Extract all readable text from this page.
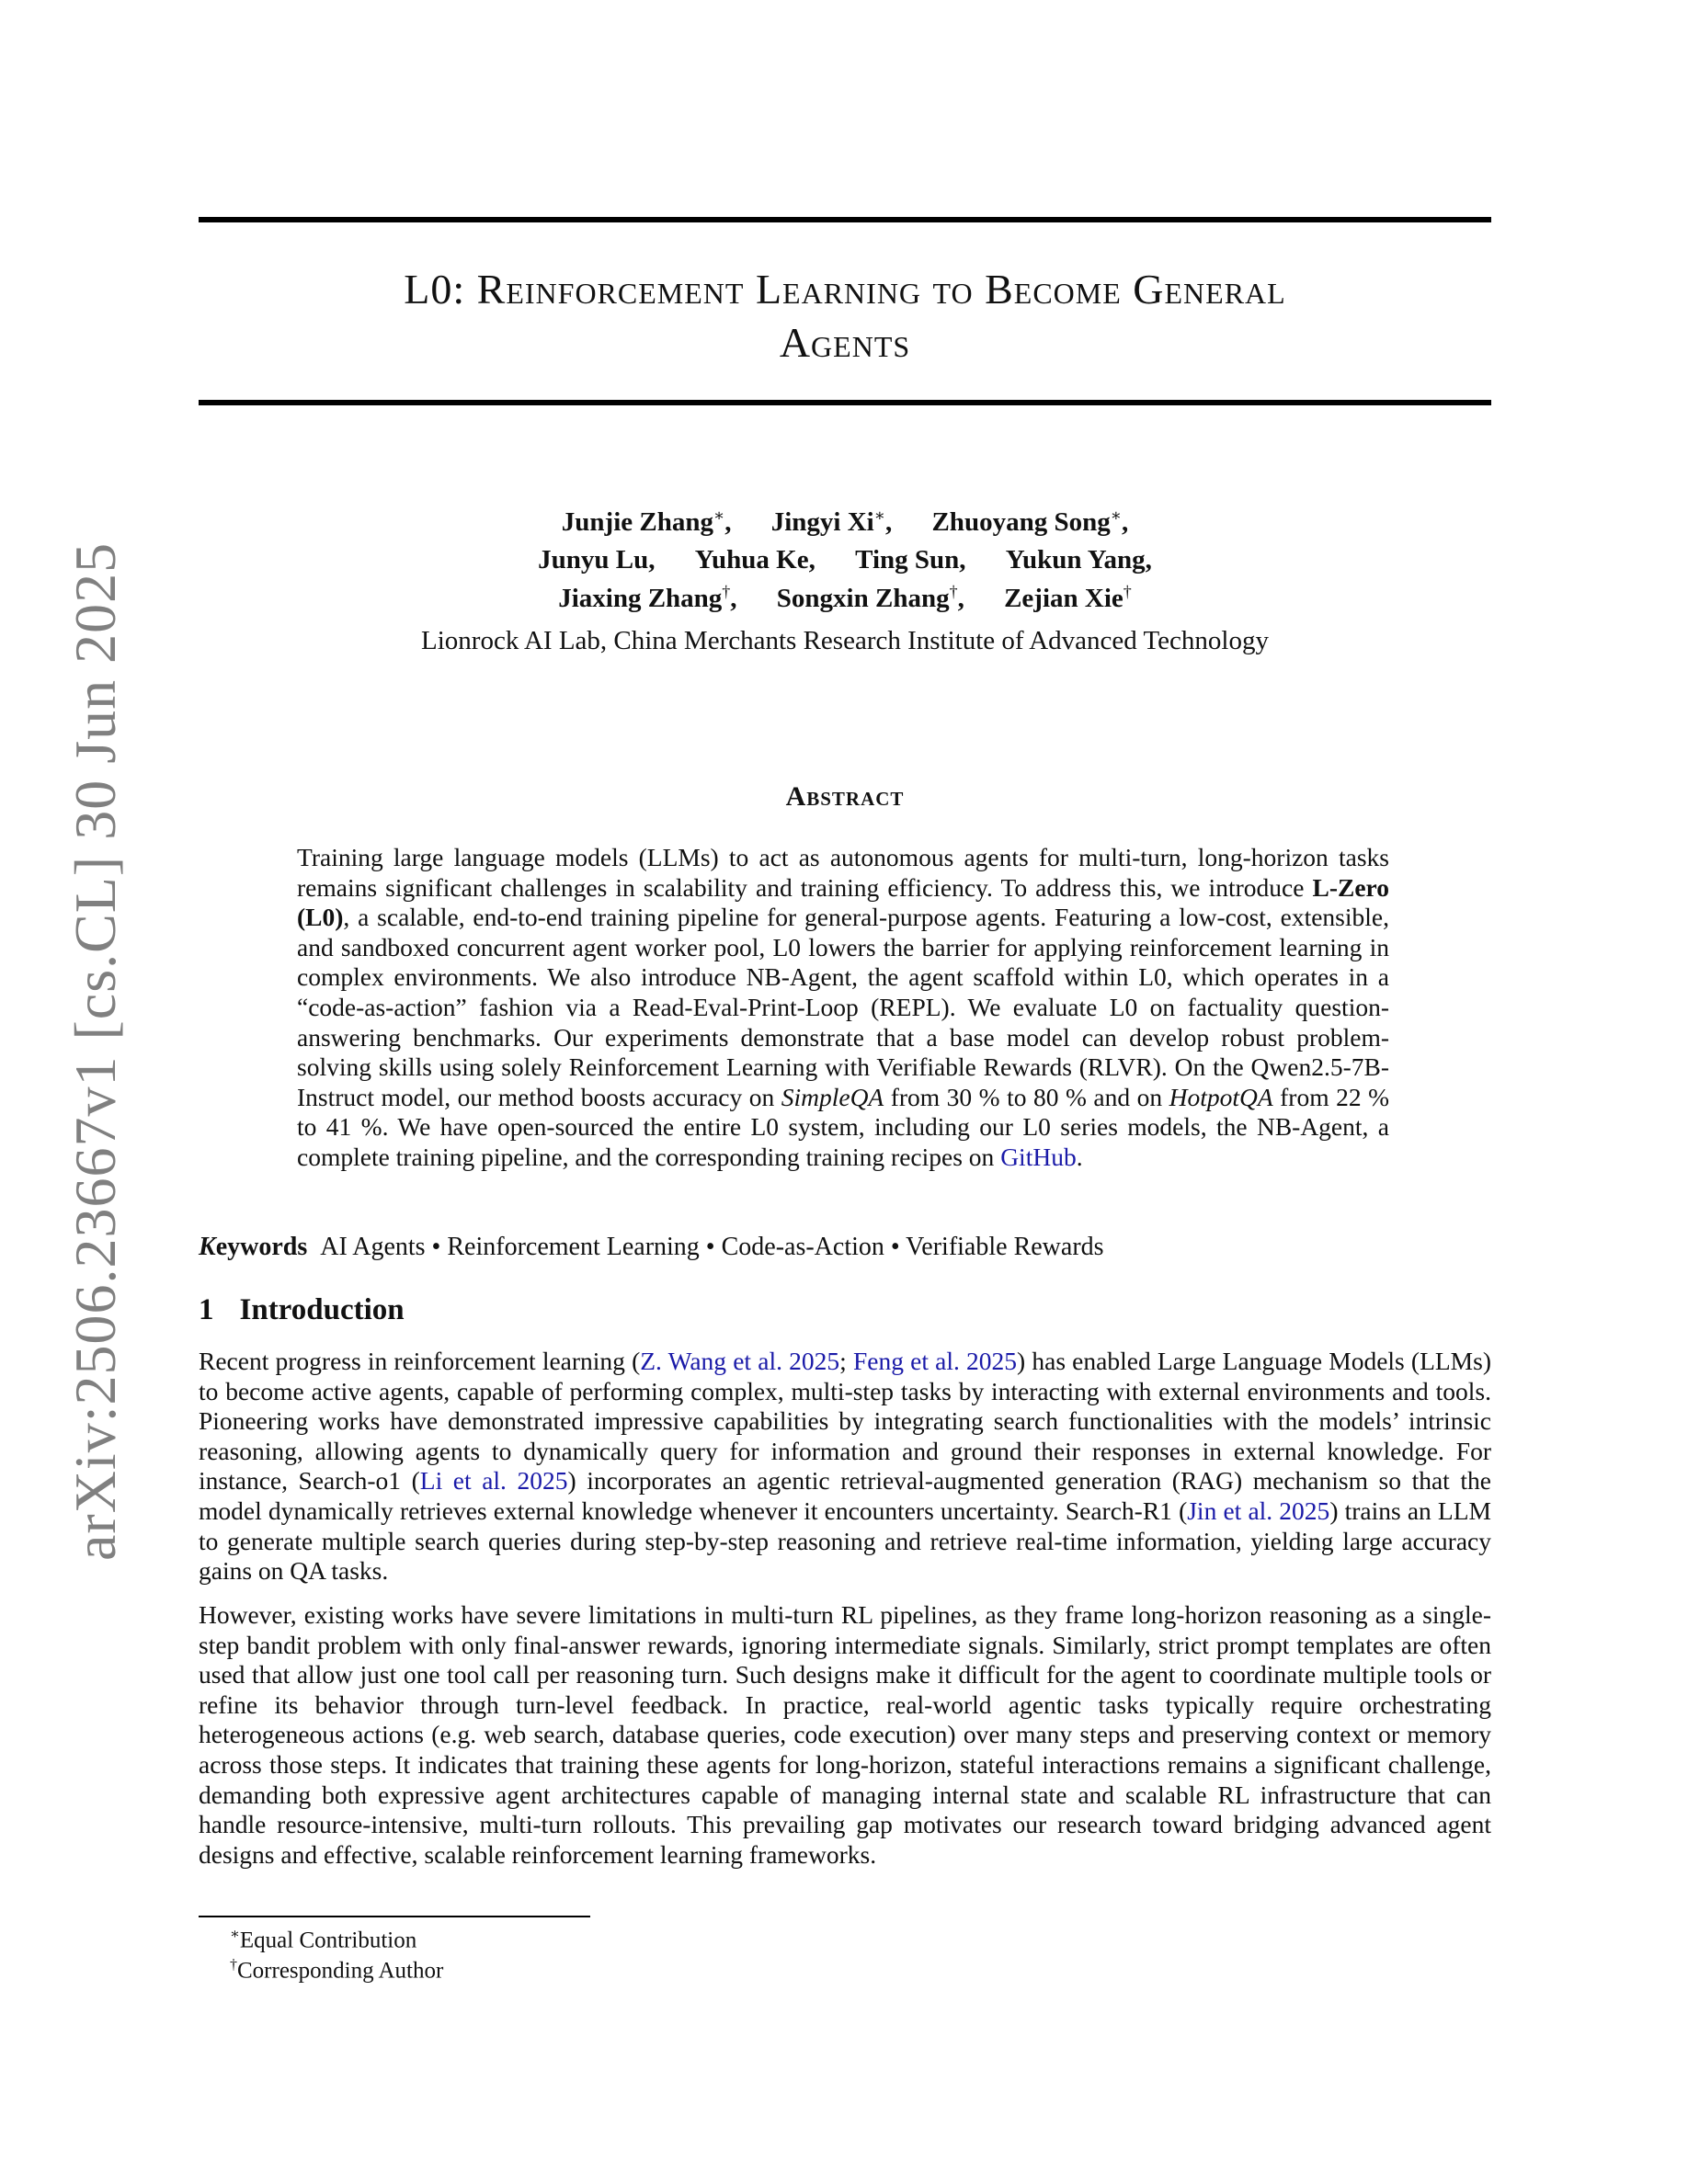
arXiv:2506.23667v1 [cs.CL] 30 Jun 2025
L0: Reinforcement Learning to Become General
Agents
Junjie Zhang∗, Jingyi Xi∗, Zhuoyang Song∗,
Junyu Lu, Yuhua Ke, Ting Sun, Yukun Yang,
Jiaxing Zhang†, Songxin Zhang†, Zejian Xie†
Lionrock AI Lab, China Merchants Research Institute of Advanced Technology
Abstract
Training large language models (LLMs) to act as autonomous agents for multi-turn, long-horizon tasks remains significant challenges in scalability and training efficiency. To address this, we introduce L-Zero (L0), a scalable, end-to-end training pipeline for general-purpose agents. Featuring a low-cost, extensible, and sandboxed concurrent agent worker pool, L0 lowers the barrier for applying reinforcement learning in complex environments. We also introduce NB-Agent, the agent scaffold within L0, which operates in a “code-as-action” fashion via a Read-Eval-Print-Loop (REPL). We evaluate L0 on factuality question-answering benchmarks. Our experiments demonstrate that a base model can develop robust problem-solving skills using solely Reinforcement Learning with Verifiable Rewards (RLVR). On the Qwen2.5-7B-Instruct model, our method boosts accuracy on SimpleQA from 30 % to 80 % and on HotpotQA from 22 % to 41 %. We have open-sourced the entire L0 system, including our L0 series models, the NB-Agent, a complete training pipeline, and the corresponding training recipes on GitHub.
Keywords AI Agents • Reinforcement Learning • Code-as-Action • Verifiable Rewards
1 Introduction
Recent progress in reinforcement learning (Z. Wang et al. 2025; Feng et al. 2025) has enabled Large Language Models (LLMs) to become active agents, capable of performing complex, multi-step tasks by interacting with external environments and tools. Pioneering works have demonstrated impressive capabilities by integrating search functionalities with the models’ intrinsic reasoning, allowing agents to dynamically query for information and ground their responses in external knowledge. For instance, Search-o1 (Li et al. 2025) incorporates an agentic retrieval-augmented generation (RAG) mechanism so that the model dynamically retrieves external knowledge whenever it encounters uncertainty. Search-R1 (Jin et al. 2025) trains an LLM to generate multiple search queries during step-by-step reasoning and retrieve real-time information, yielding large accuracy gains on QA tasks.
However, existing works have severe limitations in multi-turn RL pipelines, as they frame long-horizon reasoning as a single-step bandit problem with only final-answer rewards, ignoring intermediate signals. Similarly, strict prompt templates are often used that allow just one tool call per reasoning turn. Such designs make it difficult for the agent to coordinate multiple tools or refine its behavior through turn-level feedback. In practice, real-world agentic tasks typically require orchestrating heterogeneous actions (e.g. web search, database queries, code execution) over many steps and preserving context or memory across those steps. It indicates that training these agents for long-horizon, stateful interactions remains a significant challenge, demanding both expressive agent architectures capable of managing internal state and scalable RL infrastructure that can handle resource-intensive, multi-turn rollouts. This prevailing gap motivates our research toward bridging advanced agent designs and effective, scalable reinforcement learning frameworks.
∗Equal Contribution
†Corresponding Author
